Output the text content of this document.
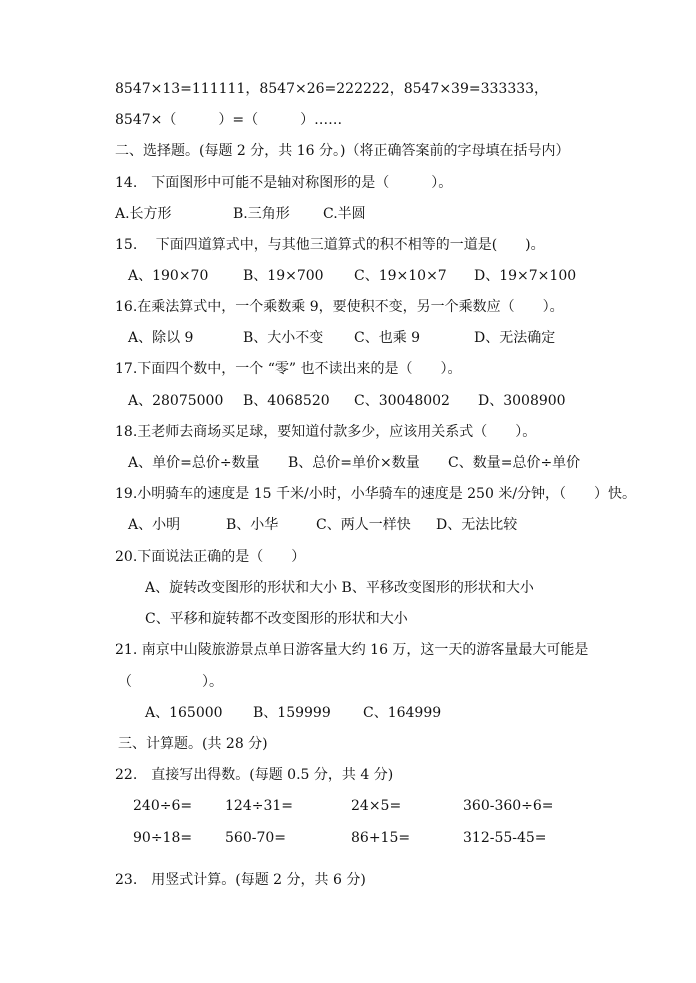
8547×13=111111，8547×26=222222，8547×39=333333，
8547×（　　　）=（　　　）……
二、选择题。(每题 2 分，共 16 分。)（将正确答案前的字母填在括号内）
14.　下面图形中可能不是轴对称图形的是（　　　）。
A.长方形	B.三角形 C.半圆
15.　 下面四道算式中，与其他三道算式的积不相等的一道是(　　)。
A、190×70 B、19×700 C、19×10×7 D、19×7×100
16.在乘法算式中，一个乘数乘 9，要使积不变，另一个乘数应（　　）。
A、除以 9	B、大小不变 C、也乘 9	D、无法确定
17.下面四个数中，一个 “零” 也不读出来的是（　　）。
A、28075000 B、4068520 C、30048002 D、3008900
18.王老师去商场买足球，要知道付款多少，应该用关系式（　　）。
A、单价=总价÷数量 B、总价=单价×数量 C、数量=总价÷单价
19.小明骑车的速度是 15 千米/小时，小华骑车的速度是 250 米/分钟，（　　）快。
A、小明	B、小华	C、两人一样快 D、无法比较
20.下面说法正确的是（　　）
A、旋转改变图形的形状和大小 B、平移改变图形的形状和大小
C、平移和旋转都不改变图形的形状和大小
21. 南京中山陵旅游景点单日游客量大约 16 万，这一天的游客量最大可能是
（　　　　　）。
A、165000 B、159999 C、164999
三、计算题。(共 28 分)
22.　直接写出得数。(每题 0.5 分，共 4 分)
240÷6= 124÷31=	24×5=	360-360÷6=
90÷18= 560-70=	86+15=	312-55-45=
23.　用竖式计算。(每题 2 分，共 6 分)
